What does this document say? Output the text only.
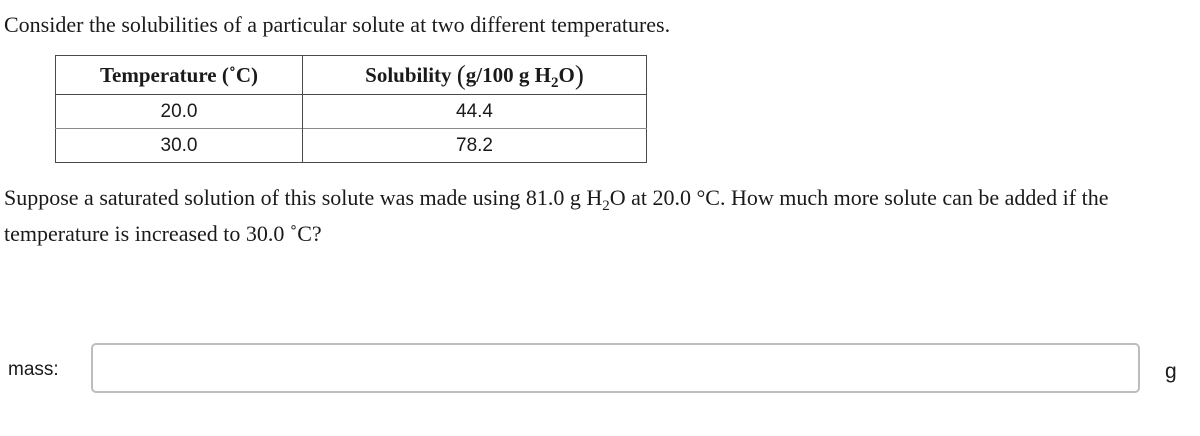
Consider the solubilities of a particular solute at two different temperatures.
Temperature (˚C)	Solubility (g/100 g $H_2O$)
20.0	44.4
30.0	78.2
Suppose a saturated solution of this solute was made using 81.0 g $H_2O$ at 20.0 °C. How much more solute can be added if the temperature is increased to 30.0 ˚C?
mass:	g
